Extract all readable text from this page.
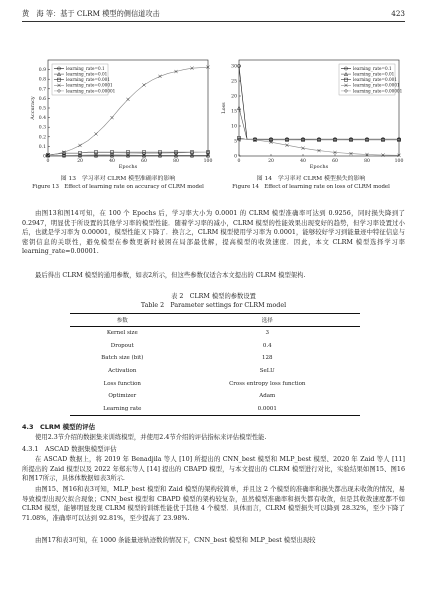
黄　海 等：基于 CLRM 模型的侧信道攻击	423
0	20	40	60	80	100
0
0.1
0.2
0.3
0.4
0.5
0.6
0.7
0.8
0.9
Epochs
Accuracy
learning_rate=0.1
learning_rate=0.01
learning_rate=0.001
learning_rate=0.0001
learning_rate=0.00001
0	20	40	60	80	100
0
5
10
15
20
25
30
Epochs
Loss
learning_rate=0.1
learning_rate=0.01
learning_rate=0.001
learning_rate=0.0001
learning_rate=0.00001
图 13　学习率对 CLRM 模型准确率的影响
Figure 13　Effect of learning rate on accuracy of CLRM model
图 14　学习率对 CLRM 模型损失的影响
Figure 14　Effect of learning rate on loss of CLRM model
由图13和图14可知，在 100 个 Epochs 后，学习率大小为 0.0001 的 CLRM 模型准确率可达到 0.9256，同时损失降到了 0.2947，明显优于所设置的其他学习率的模型性能．随着学习率的减小，CLRM 模型的性能效果出现变好的趋势，但学习率设置过小后，也就是学习率为 0.00001，模型性能又下降了．换言之，CLRM 模型使用学习率为 0.0001，能够较好学习到能量迹中特征信息与密钥信息的关联性，避免模型在参数更新时被困在局部最优解，提高模型的收敛速度．因此，本文 CLRM 模型选择学习率 learning_rate=0.00001.
最后得出 CLRM 模型的通用参数，如表2所示，但这些参数仅适合本文提出的 CLRM 模型架构.
表 2　CLRM 模型的参数设置
Table 2　Parameter settings for CLRM model
参数	选择
Kernel size	3
Dropout	0.4
Batch size (bit)	128
Activation	SeLU
Loss function	Cross entropy loss function
Optimizer	Adam
Learning rate	0.0001
4.3　CLRM 模型的评估
使用2.3节介绍的数据集来训练模型，并使用2.4节介绍的评估指标来评估模型性能.
4.3.1　ASCAD 数据集模型评估
在 ASCAD 数据上，将 2019 年 Benadjila 等人 [10] 所提出的 CNN_best 模型和 MLP_best 模型、2020 年 Zaid 等人 [11] 所提出的 Zaid 模型以及 2022 年郑东等人 [14] 提出的 CBAPD 模型，与本文提出的 CLRM 模型进行对比，实验结果如图15、图16和图17所示，具体体数据如表3所示.
由图15、图16和表3可知，MLP_best 模型和 Zaid 模型的架构较简单，并且这 2 个模型的准确率和损失都出现未收敛的情况，易导致模型出现欠拟合现象；CNN_best 模型和 CBAPD 模型的架构较复杂，虽然模型准确率和损失都有收敛，但是其收敛速度都不如 CLRM 模型，能够明显发现 CLRM 模型的训练性能优于其他 4 个模型．具体而言，CLRM 模型损失可以降到 28.32%，至少下降了 71.08%，准确率可以达到 92.81%，至少提高了 23.98%.
由图17和表3可知，在 1000 条能量迹轨迹数的情况下，CNN_best 模型和 MLP_best 模型出现较
